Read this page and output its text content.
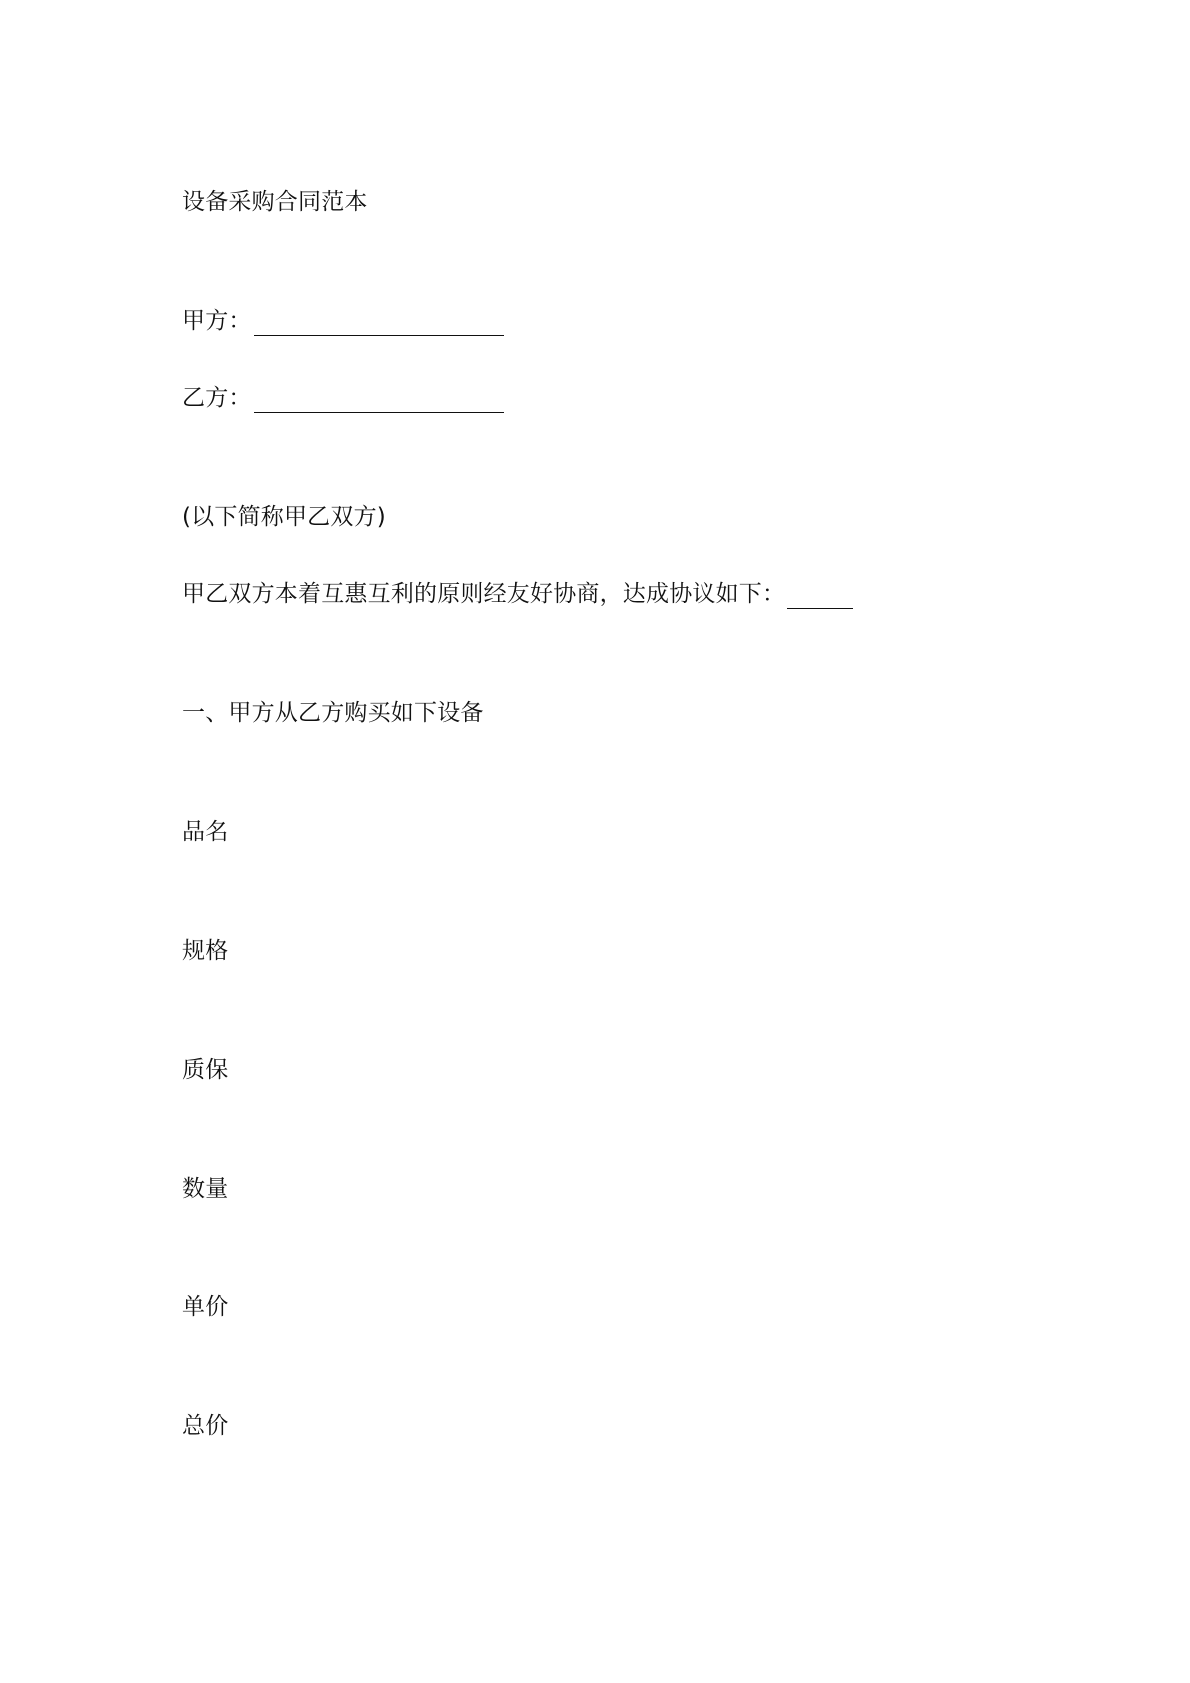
设备采购合同范本
甲方：
乙方：
(以下简称甲乙双方)
甲乙双方本着互惠互利的原则经友好协商，达成协议如下：
一、甲方从乙方购买如下设备
品名
规格
质保
数量
单价
总价
